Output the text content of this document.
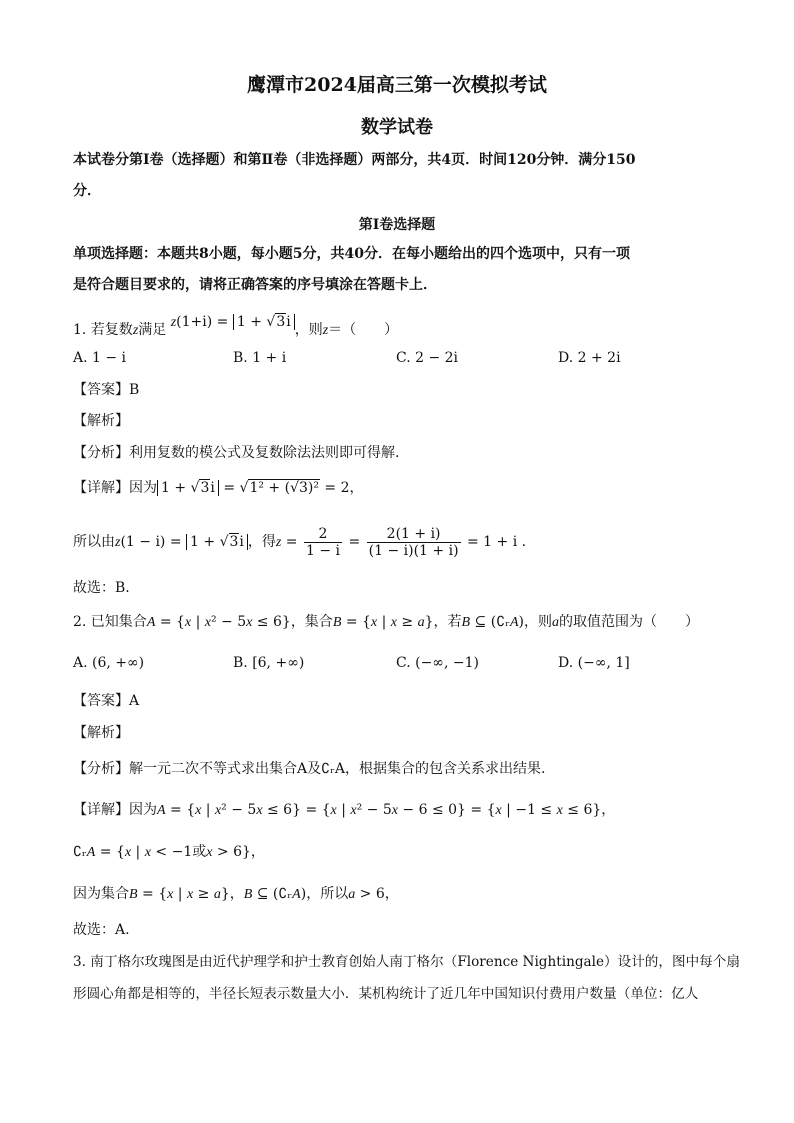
鹰潭市2024届高三第一次模拟考试
数学试卷
本试卷分第Ⅰ卷（选择题）和第Ⅱ卷（非选择题）两部分，共4页．时间120分钟．满分150
分．
第Ⅰ卷选择题
单项选择题：本题共8小题，每小题5分，共40分．在每小题给出的四个选项中，只有一项
是符合题目要求的，请将正确答案的序号填涂在答题卡上．
1. 若复数z满足 z(1+i) = 1 + √3i ，则z＝（　　）
A. 1 − i	B. 1 + i	C. 2 − 2i	D. 2 + 2i
【答案】B
【解析】
【分析】利用复数的模公式及复数除法法则即可得解.
【详解】因为 1 + √3i = √1² + (√3)² = 2，
所以由z(1 − i) = 1 + √3i ，得$z = \frac{2}{1 - i} = \frac{2(1 + i)}{(1 - i)(1 + i)} = 1 + i$ .
故选：B.
2. 已知集合A = {x | x² − 5x ≤ 6}，集合B = {x | x ≥ a}，若B ⊆ (∁ᵣA)，则a的取值范围为（　　）
A. (6, +∞)	B. [6, +∞)	C. (−∞, −1)	D. (−∞, 1]
【答案】A
【解析】
【分析】解一元二次不等式求出集合A及∁ᵣA，根据集合的包含关系求出结果.
【详解】因为A = {x | x² − 5x ≤ 6} = {x | x² − 5x − 6 ≤ 0} = {x | −1 ≤ x ≤ 6}，
∁ᵣA = {x | x < −1或x > 6}，
因为集合B = {x | x ≥ a}，B ⊆ (∁ᵣA)，所以a > 6，
故选：A.
3. 南丁格尔玫瑰图是由近代护理学和护士教育创始人南丁格尔（Florence Nightingale）设计的，图中每个扇
形圆心角都是相等的，半径长短表示数量大小．某机构统计了近几年中国知识付费用户数量（单位：亿人
